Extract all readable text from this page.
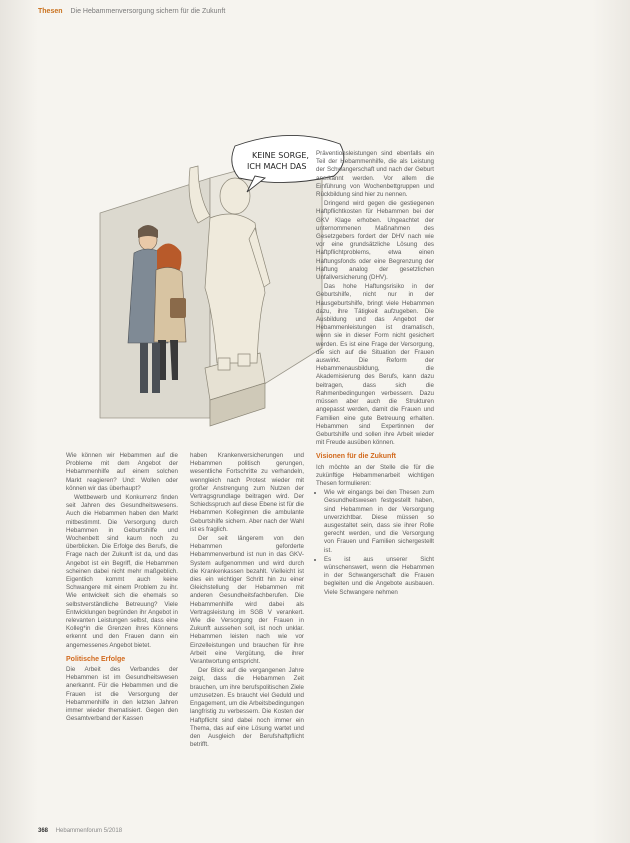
Thesen Die Hebammenversorgung sichern für die Zukunft
KEINE SORGE,
ICH MACH DAS

Wie können wir Hebammen auf die Probleme mit dem Angebot der Hebammenhilfe auf einem solchen Markt reagieren? Und: Wollen oder können wir das überhaupt?

Wettbewerb und Konkurrenz finden seit Jahren des Gesundheitswesens. Auch die Hebammen haben den Markt mitbestimmt. Die Versorgung durch Hebammen in Geburtshilfe und Wochenbett sind kaum noch zu überblicken. Die Erfolge des Berufs, die Frage nach der Zukunft ist da, und das Angebot ist ein Begriff, die Hebammen scheinen dabei nicht mehr maßgeblich. Eigentlich kommt auch keine Schwangere mit einem Problem zu ihr. Wie entwickelt sich die ehemals so selbstverständliche Betreuung? Viele Entwicklungen begründen ihr Angebot in relevanten Leistungen selbst, dass eine Kolleg*in die Grenzen ihres Könnens erkennt und den Frauen dann ein angemessenes Angebot bietet.

Politische Erfolge

Die Arbeit des Verbandes der Hebammen ist im Gesundheitswesen anerkannt. Für die Hebammen und die Frauen ist die Versorgung der Hebammenhilfe in den letzten Jahren immer wieder thematisiert. Gegen den Gesamtverband der Kassen

haben Krankenversicherungen und Hebammen politisch gerungen, wesentliche Fortschritte zu verhandeln, wenngleich nach Protest wieder mit großer Anstrengung zum Nutzen der Vertragsgrundlage beitragen wird. Der Schiedsspruch auf diese Ebene ist für die Hebammen Kolleginnen die ambulante Geburtshilfe sichern. Aber nach der Wahl ist es fraglich.

Der seit längerem von den Hebammen geforderte Hebammenverbund ist nun in das GKV-System aufgenommen und wird durch die Krankenkassen bezahlt. Vielleicht ist dies ein wichtiger Schritt hin zu einer Gleichstellung der Hebammen mit anderen Gesundheitsfachberufen. Die Hebammenhilfe wird dabei als Vertragsleistung im SGB V verankert. Wie die Versorgung der Frauen in Zukunft aussehen soll, ist noch unklar. Hebammen leisten nach wie vor Einzelleistungen und brauchen für ihre Arbeit eine Vergütung, die ihrer Verantwortung entspricht.

Der Blick auf die vergangenen Jahre zeigt, dass die Hebammen Zeit brauchen, um ihre berufspolitischen Ziele umzusetzen. Es braucht viel Geduld und Engagement, um die Arbeitsbedingungen langfristig zu verbessern. Die Kosten der Haftpflicht sind dabei noch immer ein Thema, das auf eine Lösung wartet und den Ausgleich der Berufshaftpflicht betrifft.

Präventionsleistungen sind ebenfalls ein Teil der Hebammenhilfe, die als Leistung der Schwangerschaft und nach der Geburt anerkannt werden. Vor allem die Einführung von Wochenbettgruppen und Rückbildung sind hier zu nennen.

Dringend wird gegen die gestiegenen Haftpflichtkosten für Hebammen bei der GKV Klage erhoben. Ungeachtet der unternommenen Maßnahmen des Gesetzgebers fordert der DHV nach wie vor eine grundsätzliche Lösung des Haftpflichtproblems, etwa einen Haftungsfonds oder eine Begrenzung der Haftung analog der gesetzlichen Unfallversicherung (DHV).

Das hohe Haftungsrisiko in der Geburtshilfe, nicht nur in der Hausgeburtshilfe, bringt viele Hebammen dazu, ihre Tätigkeit aufzugeben. Die Ausbildung und das Angebot der Hebammenleistungen ist dramatisch, wenn sie in dieser Form nicht gesichert werden. Es ist eine Frage der Versorgung, die sich auf die Situation der Frauen auswirkt. Die Reform der Hebammenausbildung, die Akademisierung des Berufs, kann dazu beitragen, dass sich die Rahmenbedingungen verbessern. Dazu müssen aber auch die Strukturen angepasst werden, damit die Frauen und Familien eine gute Betreuung erhalten. Hebammen sind Expertinnen der Geburtshilfe und sollen ihre Arbeit wieder mit Freude ausüben können.

Visionen für die Zukunft

Ich möchte an der Stelle die für die zukünftige Hebammenarbeit wichtigen Thesen formulieren:

• Wie wir eingangs bei den Thesen zum Gesundheitswesen festgestellt haben, sind Hebammen in der Versorgung unverzichtbar. Diese müssen so ausgestaltet sein, dass sie ihrer Rolle gerecht werden, und die Versorgung von Frauen und Familien sichergestellt ist.
• Es ist aus unserer Sicht wünschenswert, wenn die Hebammen in der Schwangerschaft die Frauen begleiten und die Angebote ausbauen. Viele Schwangere nehmen
368 Hebammenforum 5/2018
